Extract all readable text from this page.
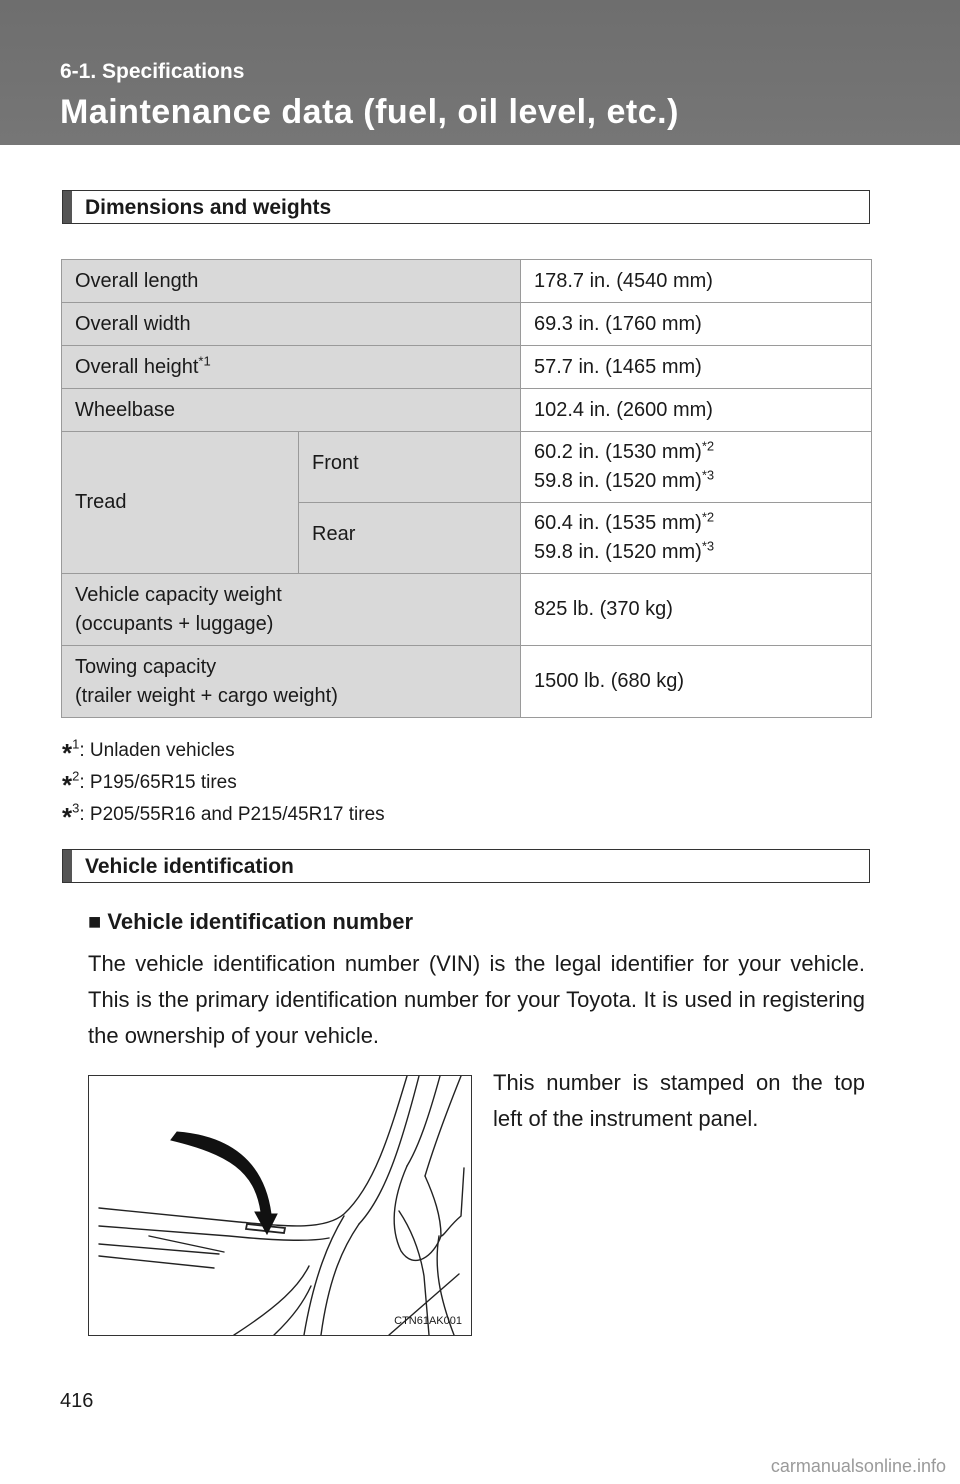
6-1. Specifications
Maintenance data (fuel, oil level, etc.)
Dimensions and weights
Overall length		178.7 in. (4540 mm)
Overall width		69.3 in. (1760 mm)
Overall height$^{*1}$		57.7 in. (1465 mm)
Wheelbase		102.4 in. (2600 mm)
Tread	Front	60.2 in. (1530 mm)$^{*2}$
59.8 in. (1520 mm)$^{*3}$
	Rear	60.4 in. (1535 mm)$^{*2}$
59.8 in. (1520 mm)$^{*3}$
Vehicle capacity weight
(occupants + luggage)		825 lb. (370 kg)
Towing capacity
(trailer weight + cargo weight)		1500 lb. (680 kg)
*$^1$: Unladen vehicles
*$^2$: P195/65R15 tires
*$^3$: P205/55R16 and P215/45R17 tires
Vehicle identification
■ Vehicle identification number
The vehicle identification number (VIN) is the legal identifier for your vehicle. This is the primary identification number for your Toyota. It is used in registering the ownership of your vehicle.
This number is stamped on the top left of the instrument panel.
CTN61AK001
416
carmanualsonline.info
